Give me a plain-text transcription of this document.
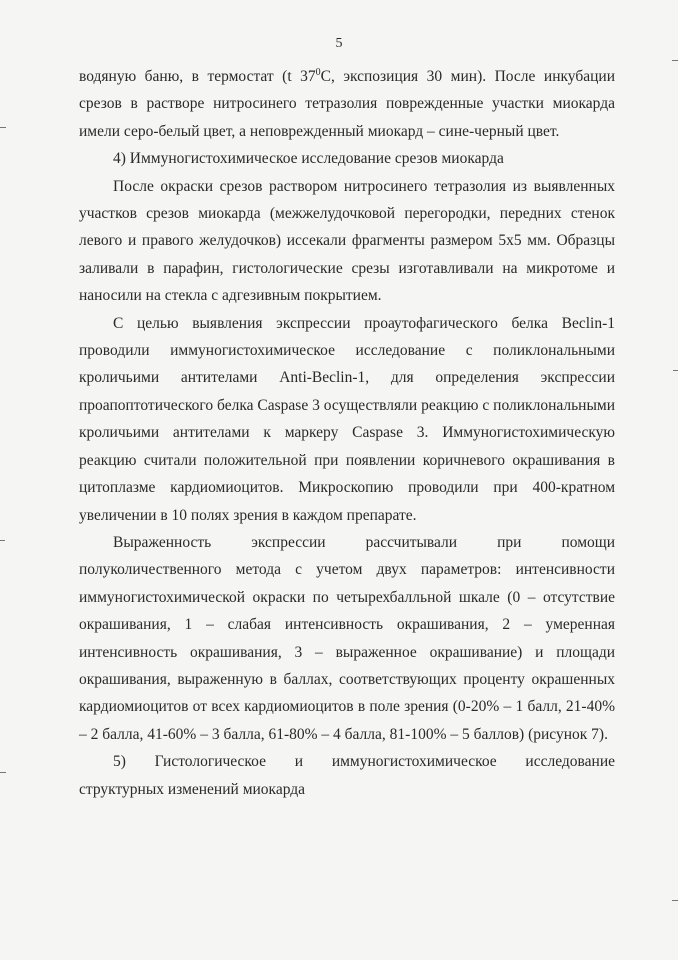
5

водяную баню, в термостат (t $37^0С$, экспозиция 30 мин). После инкубации срезов в растворе нитросинего тетразолия поврежденные участки миокарда имели серо-белый цвет, а неповрежденный миокард – сине-черный цвет.

4) Иммуногистохимическое исследование срезов миокарда

После окраски срезов раствором нитросинего тетразолия из выявленных участков срезов миокарда (межжелудочковой перегородки, передних стенок левого и правого желудочков) иссекали фрагменты размером 5х5 мм. Образцы заливали в парафин, гистологические срезы изготавливали на микротоме и наносили на стекла с адгезивным покрытием.

С целью выявления экспрессии проаутофагического белка Beclin-1 проводили иммуногистохимическое исследование с поликлональными кроличьими антителами Anti-Beclin-1, для определения экспрессии проапоптотического белка Caspase 3 осуществляли реакцию с поликлональными кроличьими антителами к маркеру Caspase 3. Иммуногистохимическую реакцию считали положительной при появлении коричневого окрашивания в цитоплазме кардиомиоцитов. Микроскопию проводили при 400-кратном увеличении в 10 полях зрения в каждом препарате.

Выраженность экспрессии рассчитывали при помощи полуколичественного метода с учетом двух параметров: интенсивности иммуногистохимической окраски по четырехбалльной шкале (0 – отсутствие окрашивания, 1 – слабая интенсивность окрашивания, 2 – умеренная интенсивность окрашивания, 3 – выраженное окрашивание) и площади окрашивания, выраженную в баллах, соответствующих проценту окрашенных кардиомиоцитов от всех кардиомиоцитов в поле зрения (0-20% – 1 балл, 21-40% – 2 балла, 41-60% – 3 балла, 61-80% – 4 балла, 81-100% – 5 баллов) (рисунок 7).

5) Гистологическое и иммуногистохимическое исследование

структурных изменений миокарда
